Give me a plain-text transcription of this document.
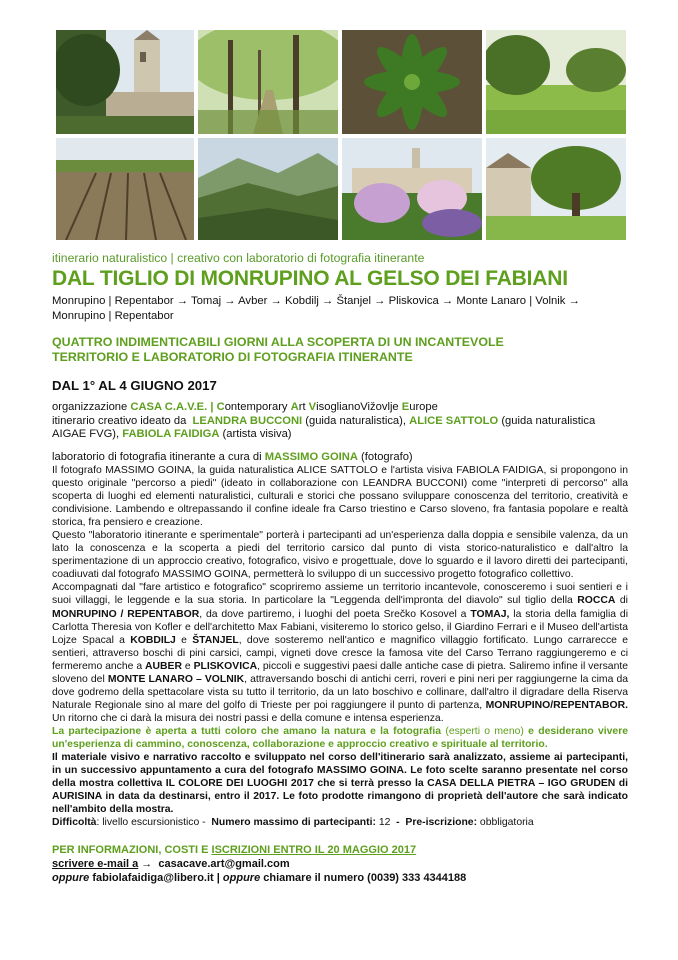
itinerario naturalistico | creativo con laboratorio di fotografia itinerante
DAL TIGLIO DI MONRUPINO AL GELSO DEI FABIANI
Monrupino | Repentabor → Tomaj → Avber → Kobdilj → Štanjel → Pliskovica → Monte Lanaro | Volnik → Monrupino | Repentabor
QUATTRO INDIMENTICABILI GIORNI ALLA SCOPERTA DI UN INCANTEVOLE
TERRITORIO E LABORATORIO DI FOTOGRAFIA ITINERANTE
DAL 1° AL 4 GIUGNO 2017
organizzazione CASA C.A.V.E. | Contemporary Art VisoglianoVižovlje Europe
itinerario creativo ideato da LEANDRA BUCCONI (guida naturalistica), ALICE SATTOLO (guida naturalistica AIGAE FVG), FABIOLA FAIDIGA (artista visiva)
laboratorio di fotografia itinerante a cura di MASSIMO GOINA (fotografo)

Il fotografo MASSIMO GOINA, la guida naturalistica ALICE SATTOLO e l'artista visiva FABIOLA FAIDIGA, si propongono in questo originale "percorso a piedi" (ideato in collaborazione con LEANDRA BUCCONI) come "interpreti di percorso" alla scoperta di luoghi ed elementi naturalistici, culturali e storici che possano sviluppare conoscenza del territorio, creatività e condivisione. Lambendo e oltrepassando il confine ideale fra Carso triestino e Carso sloveno, fra fantasia popolare e realtà storica, fra pensiero e creazione.

Questo "laboratorio itinerante e sperimentale" porterà i partecipanti ad un'esperienza dalla doppia e sensibile valenza, da un lato la conoscenza e la scoperta a piedi del territorio carsico dal punto di vista storico-naturalistico e dall'altro la sperimentazione di un approccio creativo, fotografico, visivo e progettuale, dove lo sguardo e il lavoro diretti dei partecipanti, coadiuvati dal fotografo MASSIMO GOINA, permetterà lo sviluppo di un successivo progetto fotografico collettivo.

Accompagnati dal "fare artistico e fotografico" scopriremo assieme un territorio incantevole, conosceremo i suoi sentieri e i suoi villaggi, le leggende e la sua storia. In particolare la "Leggenda dell'impronta del diavolo" sul tiglio della ROCCA di MONRUPINO / REPENTABOR, da dove partiremo, i luoghi del poeta Srečko Kosovel a TOMAJ, la storia della famiglia di Carlotta Theresia von Kofler e dell'architetto Max Fabiani, visiteremo lo storico gelso, il Giardino Ferrari e il Museo dell'artista Lojze Spacal a KOBDILJ e ŠTANJEL, dove sosteremo nell'antico e magnifico villaggio fortificato. Lungo carrarecce e sentieri, attraverso boschi di pini carsici, campi, vigneti dove cresce la famosa vite del Carso Terrano raggiungeremo e ci fermeremo anche a AUBER e PLISKOVICA, piccoli e suggestivi paesi dalle antiche case di pietra. Saliremo infine il versante sloveno del MONTE LANARO – VOLNIK, attraversando boschi di antichi cerri, roveri e pini neri per raggiungerne la cima da dove godremo della spettacolare vista su tutto il territorio, da un lato boschivo e collinare, dall'altro il digradare della Riserva Naturale Regionale sino al mare del golfo di Trieste per poi raggiungere il punto di partenza, MONRUPINO/REPENTABOR. Un ritorno che ci darà la misura dei nostri passi e della comune e intensa esperienza.

La partecipazione è aperta a tutti coloro che amano la natura e la fotografia (esperti o meno) e desiderano vivere un'esperienza di cammino, conoscenza, collaborazione e approccio creativo e spirituale al territorio.

Il materiale visivo e narrativo raccolto e sviluppato nel corso dell'itinerario sarà analizzato, assieme ai partecipanti, in un successivo appuntamento a cura del fotografo MASSIMO GOINA. Le foto scelte saranno presentate nel corso della mostra collettiva IL COLORE DEI LUOGHI 2017 che si terrà presso la CASA DELLA PIETRA – IGO GRUDEN di AURISINA in data da destinarsi, entro il 2017. Le foto prodotte rimangono di proprietà dell'autore che sarà indicato nell'ambito della mostra.

Difficoltà: livello escursionistico - Numero massimo di partecipanti: 12 - Pre-iscrizione: obbligatoria

PER INFORMAZIONI, COSTI E ISCRIZIONI ENTRO IL 20 MAGGIO 2017
scrivere e-mail a → casacave.art@gmail.com
oppure fabiolafaidiga@libero.it | oppure chiamare il numero (0039) 333 4344188
